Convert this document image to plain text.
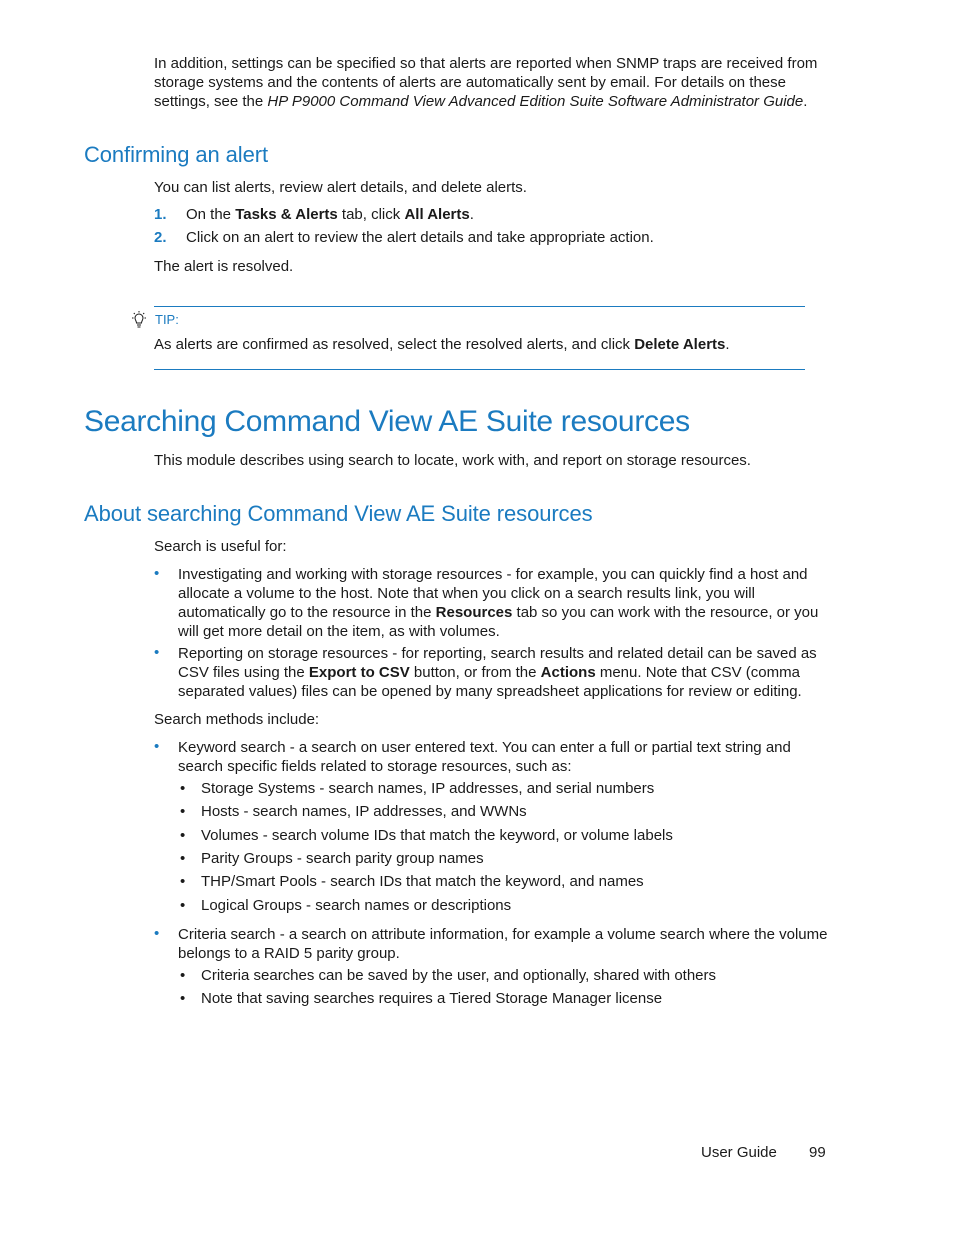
In addition, settings can be specified so that alerts are reported when SNMP traps are received from storage systems and the contents of alerts are automatically sent by email. For details on these settings, see the HP P9000 Command View Advanced Edition Suite Software Administrator Guide.

Confirming an alert

You can list alerts, review alert details, and delete alerts.

1. On the Tasks & Alerts tab, click All Alerts.
2. Click on an alert to review the alert details and take appropriate action.

The alert is resolved.

TIP:

As alerts are confirmed as resolved, select the resolved alerts, and click Delete Alerts.

Searching Command View AE Suite resources

This module describes using search to locate, work with, and report on storage resources.

About searching Command View AE Suite resources

Search is useful for:

• Investigating and working with storage resources - for example, you can quickly find a host and allocate a volume to the host. Note that when you click on a search results link, you will automatically go to the resource in the Resources tab so you can work with the resource, or you will get more detail on the item, as with volumes.
• Reporting on storage resources - for reporting, search results and related detail can be saved as CSV files using the Export to CSV button, or from the Actions menu. Note that CSV (comma separated values) files can be opened by many spreadsheet applications for review or editing.

Search methods include:

• Keyword search - a search on user entered text. You can enter a full or partial text string and search specific fields related to storage resources, such as:
• Storage Systems - search names, IP addresses, and serial numbers
• Hosts - search names, IP addresses, and WWNs
• Volumes - search volume IDs that match the keyword, or volume labels
• Parity Groups - search parity group names
• THP/Smart Pools - search IDs that match the keyword, and names
• Logical Groups - search names or descriptions
• Criteria search - a search on attribute information, for example a volume search where the volume belongs to a RAID 5 parity group.
• Criteria searches can be saved by the user, and optionally, shared with others
• Note that saving searches requires a Tiered Storage Manager license
User Guide 99
